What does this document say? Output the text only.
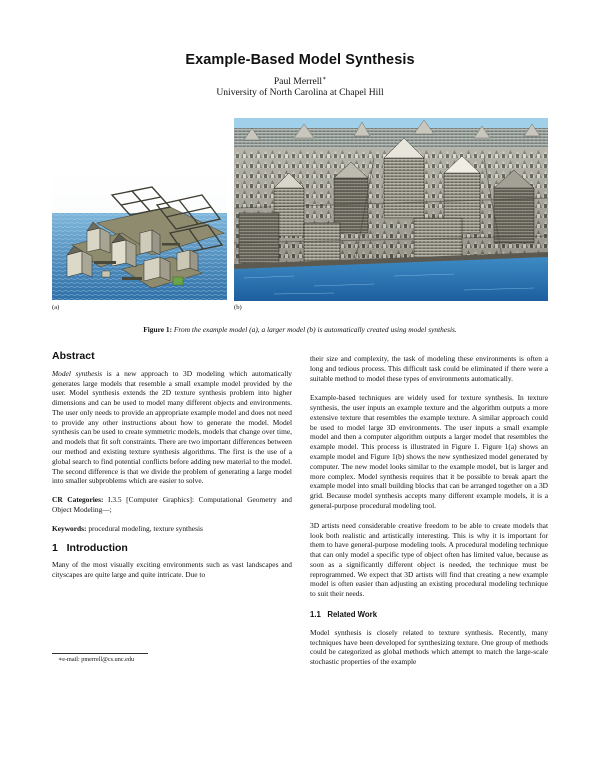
Example-Based Model Synthesis
Paul Merrell∗
University of North Carolina at Chapel Hill
(a)	(b)
Figure 1: From the example model (a), a larger model (b) is automatically created using model synthesis.
Abstract

Model synthesis is a new approach to 3D modeling which automatically generates large models that resemble a small example model provided by the user. Model synthesis extends the 2D texture synthesis problem into higher dimensions and can be used to model many different objects and environments. The user only needs to provide an appropriate example model and does not need to provide any other instructions about how to generate the model. Model synthesis can be used to create symmetric models, models that change over time, and models that fit soft constraints. There are two important differences between our method and existing texture synthesis algorithms. The first is the use of a global search to find potential conflicts before adding new material to the model. The second difference is that we divide the problem of generating a large model into smaller subproblems which are easier to solve.

CR Categories: I.3.5 [Computer Graphics]: Computational Geometry and Object Modeling—;

Keywords: procedural modeling, texture synthesis

1 Introduction

Many of the most visually exciting environments such as vast landscapes and cityscapes are quite large and quite intricate. Due to

∗e-mail: pmerrell@cs.unc.edu

their size and complexity, the task of modeling these environments is often a long and tedious process. This difficult task could be eliminated if there were a suitable method to model these types of environments automatically.

Example-based techniques are widely used for texture synthesis. In texture synthesis, the user inputs an example texture and the algorithm outputs a more extensive texture that resembles the example texture. A similar approach could be used to model large 3D environments. The user inputs a small example model and then a computer algorithm outputs a larger model that resembles the example model. This process is illustrated in Figure 1. Figure 1(a) shows an example model and Figure 1(b) shows the new synthesized model generated by computer. The new model looks similar to the example model, but is larger and more complex. Model synthesis requires that it be possible to break apart the example model into small building blocks that can be arranged together on a 3D grid. Because model synthesis accepts many different example models, it is a general-purpose procedural modeling tool.

3D artists need considerable creative freedom to be able to create models that look both realistic and artistically interesting. This is why it is important for them to have general-purpose modeling tools. A procedural modeling technique that can only model a specific type of object often has limited value, because as soon as a significantly different object is needed, the technique must be reprogrammed. We expect that 3D artists will find that creating a new example model is often easier than adjusting an existing procedural modeling technique to suit their needs.

1.1 Related Work

Model synthesis is closely related to texture synthesis. Recently, many techniques have been developed for synthesizing texture. One group of methods could be categorized as global methods which attempt to match the large-scale stochastic properties of the example
